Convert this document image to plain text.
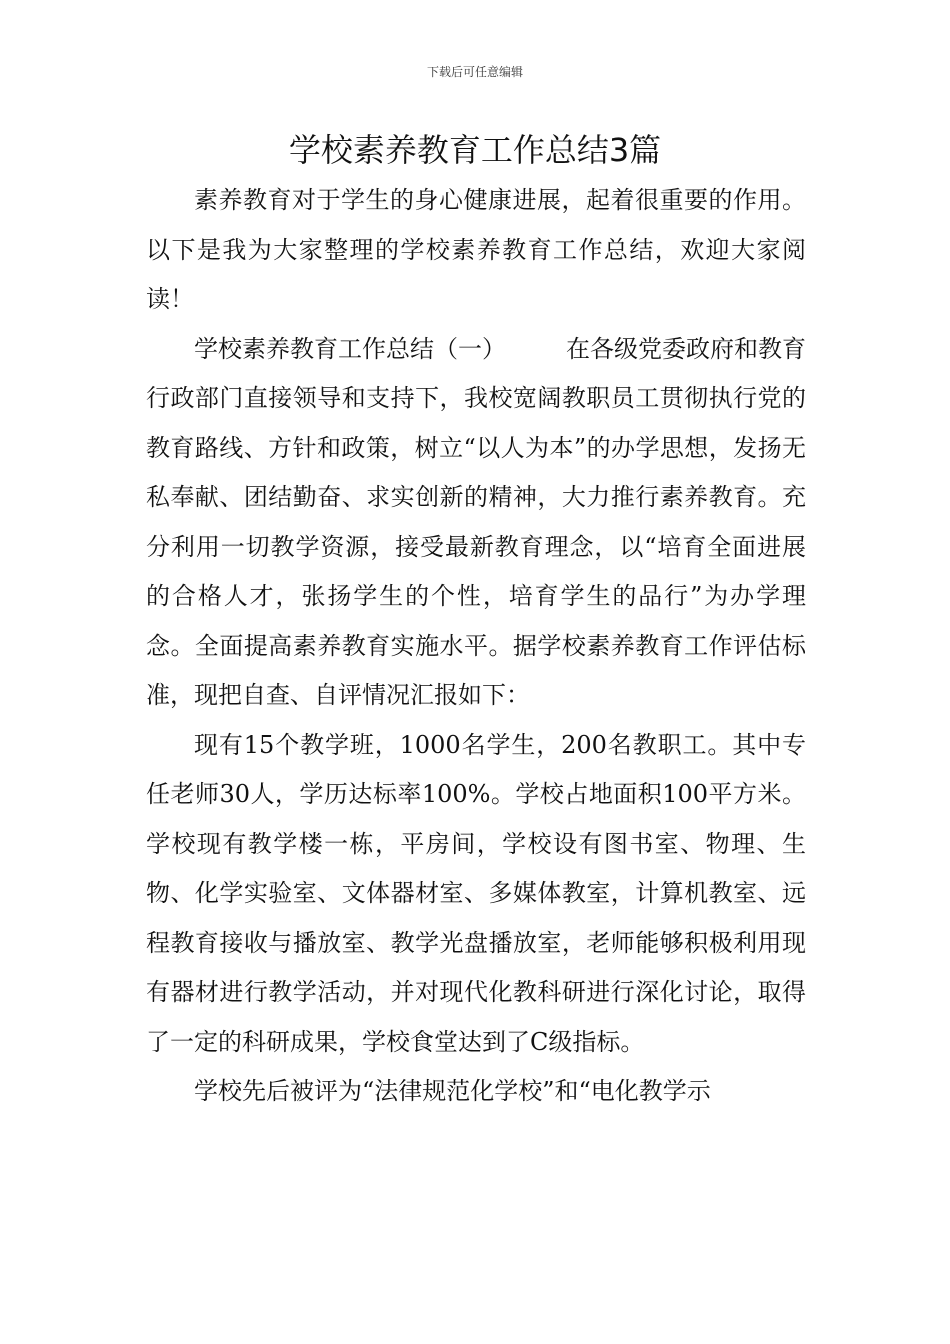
下载后可任意编辑
学校素养教育工作总结3篇

素养教育对于学生的身心健康进展，起着很重要的作用。以下是我为大家整理的学校素养教育工作总结，欢迎大家阅读！

学校素养教育工作总结（一）	在各级党委政府和教育行政部门直接领导和支持下，我校宽阔教职员工贯彻执行党的教育路线、方针和政策，树立“以人为本”的办学思想，发扬无私奉献、团结勤奋、求实创新的精神，大力推行素养教育。充分利用一切教学资源，接受最新教育理念，以“培育全面进展的合格人才，张扬学生的个性，培育学生的品行”为办学理念。全面提高素养教育实施水平。据学校素养教育工作评估标准，现把自查、自评情况汇报如下：

现有15个教学班，1000名学生，200名教职工。其中专任老师30人，学历达标率100%。学校占地面积100平方米。学校现有教学楼一栋，平房间，学校设有图书室、物理、生物、化学实验室、文体器材室、多媒体教室，计算机教室、远程教育接收与播放室、教学光盘播放室，老师能够积极利用现有器材进行教学活动，并对现代化教科研进行深化讨论，取得了一定的科研成果，学校食堂达到了C级指标。

学校先后被评为“法律规范化学校”和“电化教学示
